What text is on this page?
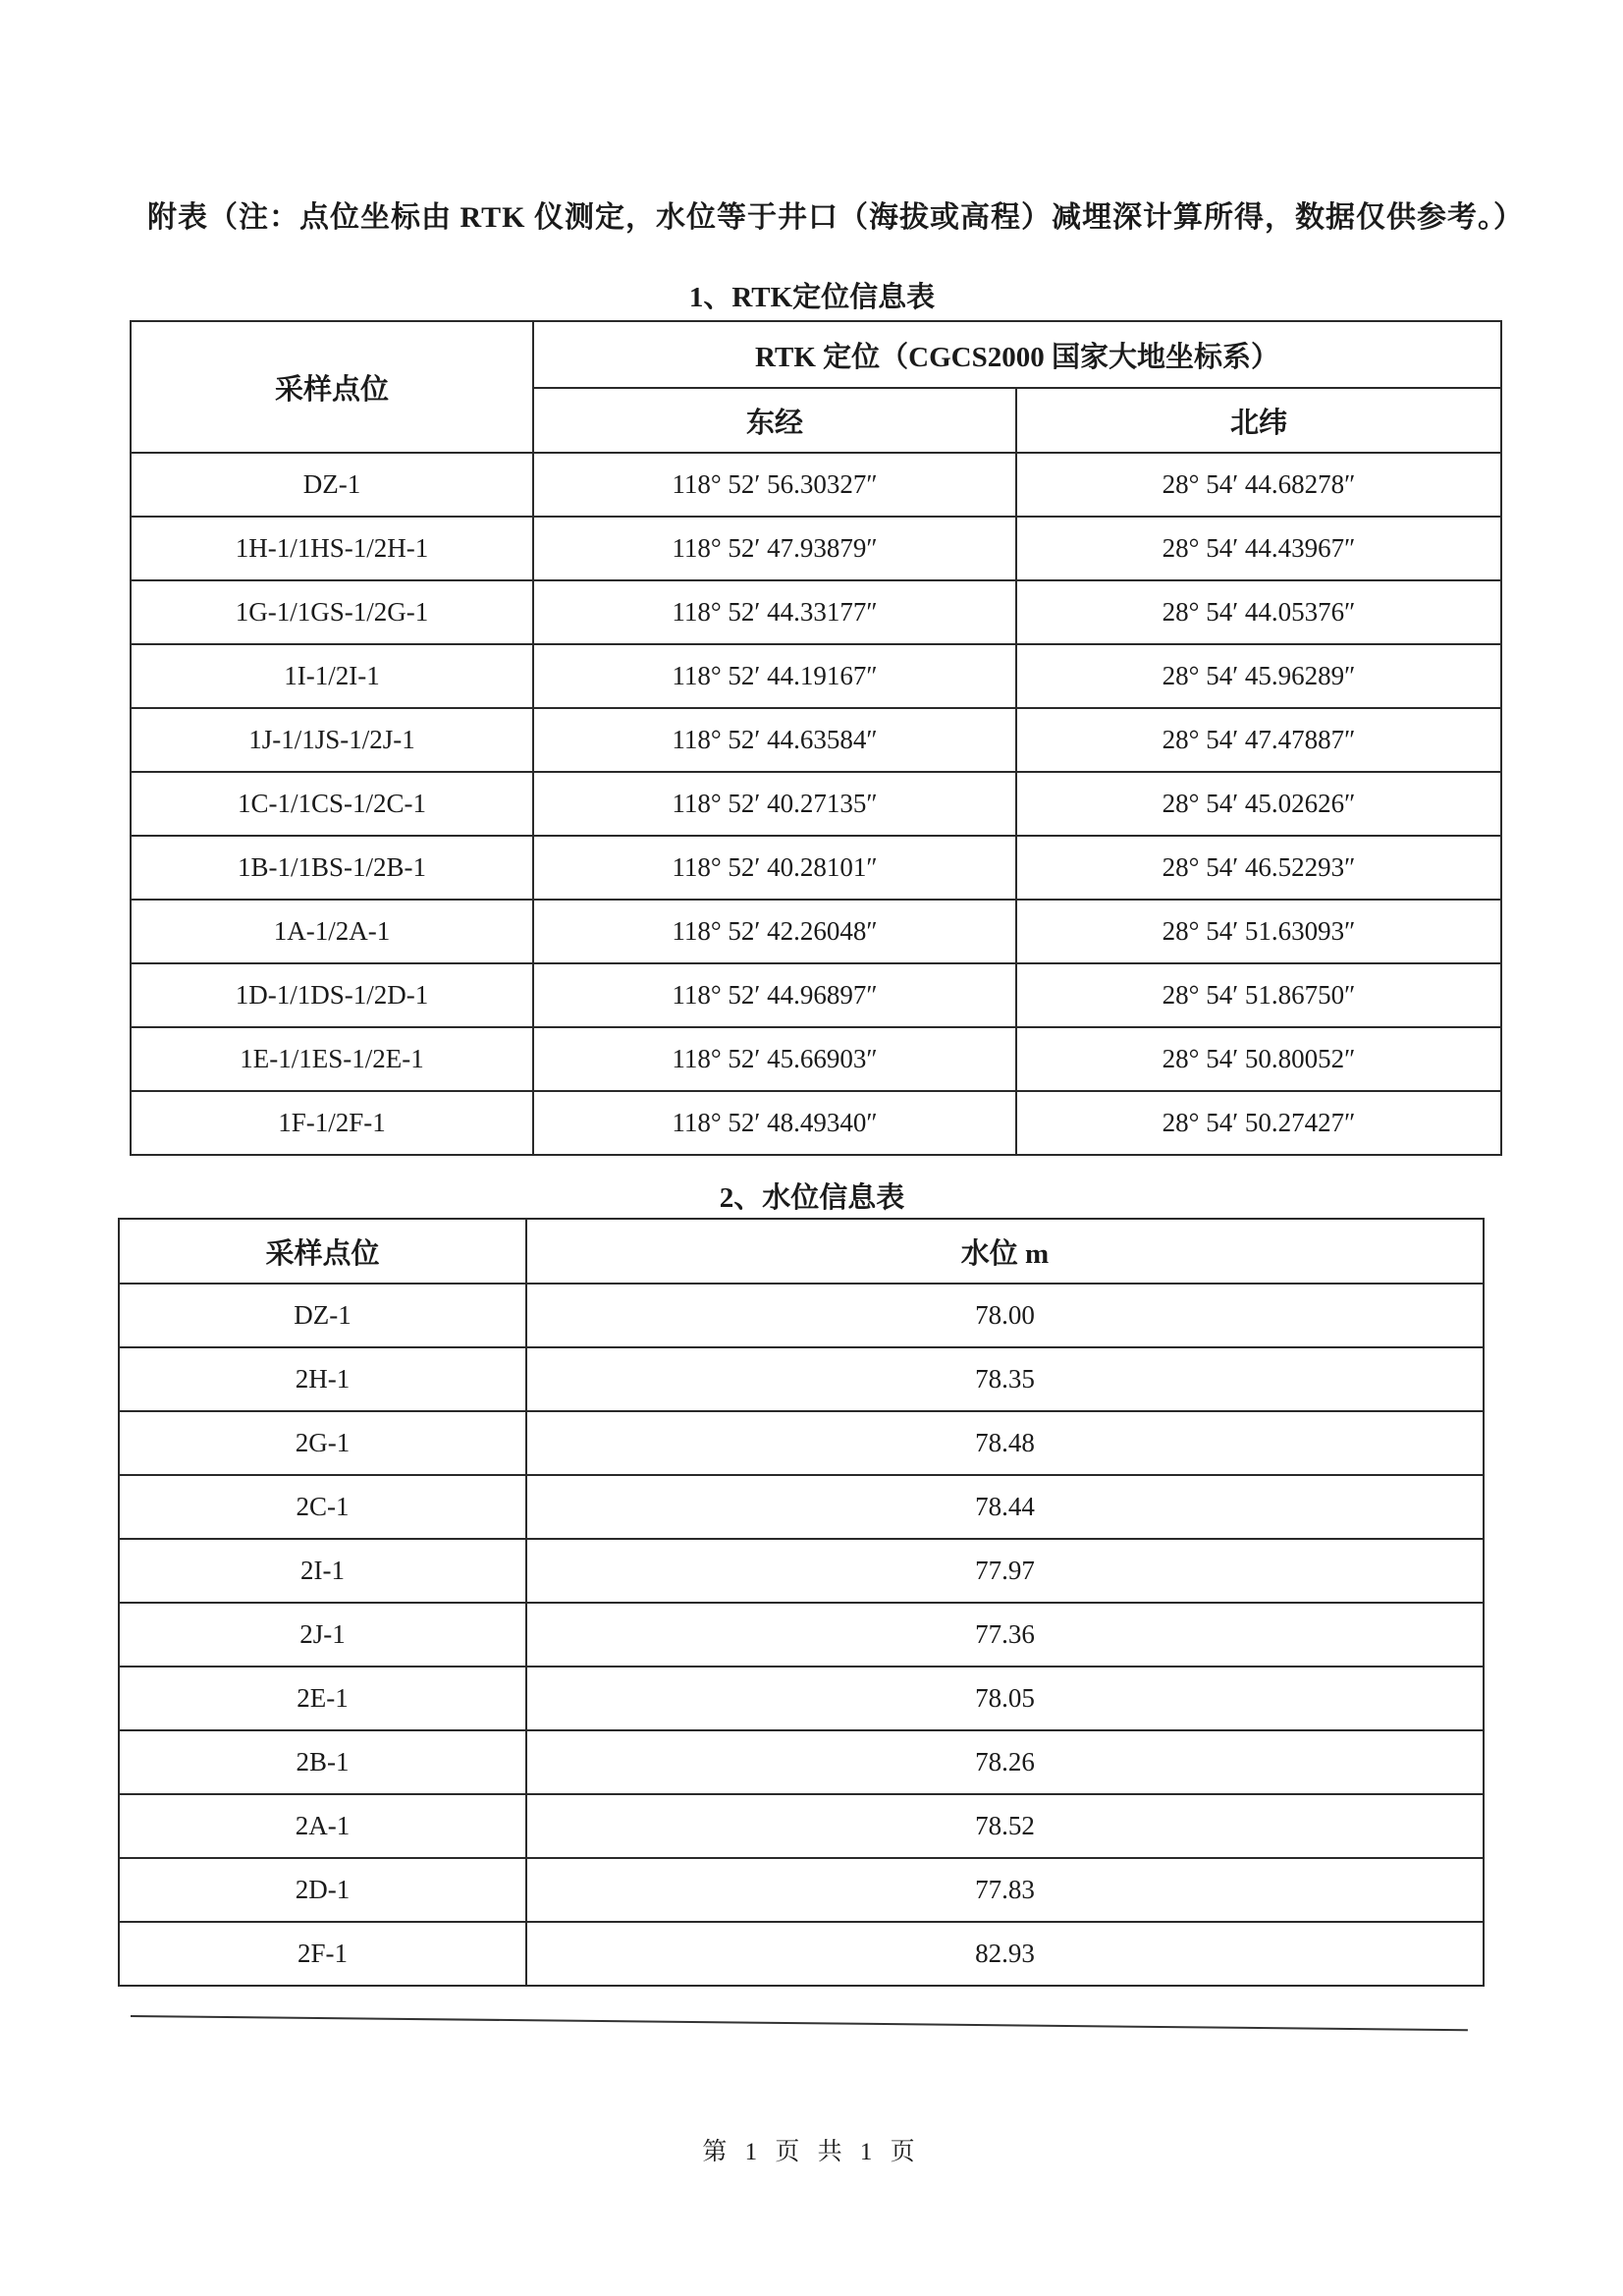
附表（注：点位坐标由 RTK 仪测定，水位等于井口（海拔或高程）减埋深计算所得，数据仅供参考。）
1、RTK定位信息表
采样点位	RTK 定位（CGCS2000 国家大地坐标系）	
	东经	北纬
DZ-1	118° 52′ 56.30327″	28° 54′ 44.68278″
1H-1/1HS-1/2H-1	118° 52′ 47.93879″	28° 54′ 44.43967″
1G-1/1GS-1/2G-1	118° 52′ 44.33177″	28° 54′ 44.05376″
1I-1/2I-1	118° 52′ 44.19167″	28° 54′ 45.96289″
1J-1/1JS-1/2J-1	118° 52′ 44.63584″	28° 54′ 47.47887″
1C-1/1CS-1/2C-1	118° 52′ 40.27135″	28° 54′ 45.02626″
1B-1/1BS-1/2B-1	118° 52′ 40.28101″	28° 54′ 46.52293″
1A-1/2A-1	118° 52′ 42.26048″	28° 54′ 51.63093″
1D-1/1DS-1/2D-1	118° 52′ 44.96897″	28° 54′ 51.86750″
1E-1/1ES-1/2E-1	118° 52′ 45.66903″	28° 54′ 50.80052″
1F-1/2F-1	118° 52′ 48.49340″	28° 54′ 50.27427″
2、水位信息表
采样点位	水位 m
DZ-1	78.00
2H-1	78.35
2G-1	78.48
2C-1	78.44
2I-1	77.97
2J-1	77.36
2E-1	78.05
2B-1	78.26
2A-1	78.52
2D-1	77.83
2F-1	82.93
第 1 页 共 1 页
